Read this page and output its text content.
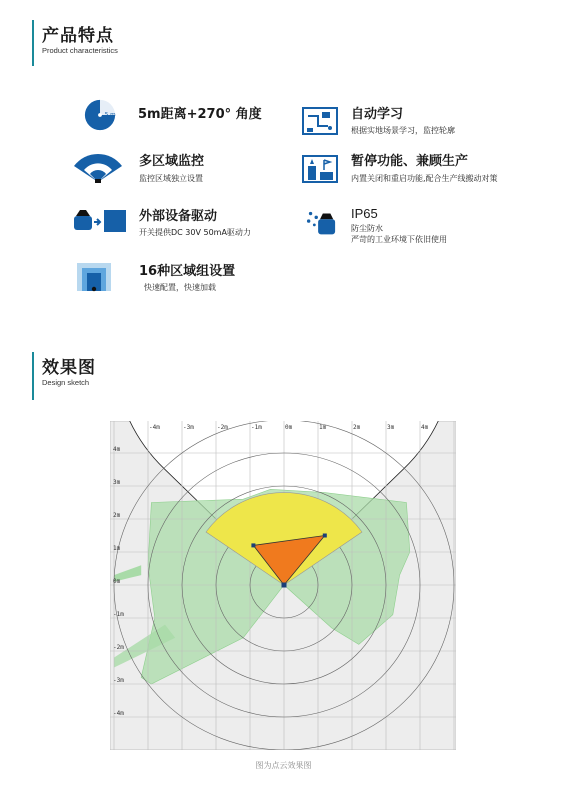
产品特点
Product characteristics
5 m 5m距离+270° 角度	自动学习
根据实地场景学习，监控轮廓
多区域监控
监控区域独立设置
暂停功能、兼顾生产
内置关闭和重启功能,配合生产线搬动对策
外部设备驱动
开关提供DC 30V 50mA驱动力
IP65
防尘防水
严苛的工业环境下依旧使用
16种区域组设置
快速配置，快速加载
效果图
Design sketch
-4m	-3m	-2m	-1m	0m	1m	2m	3m	4m
4m
3m
2m
1m
0m
-1m
-2m
-3m
-4m
图为点云效果图
